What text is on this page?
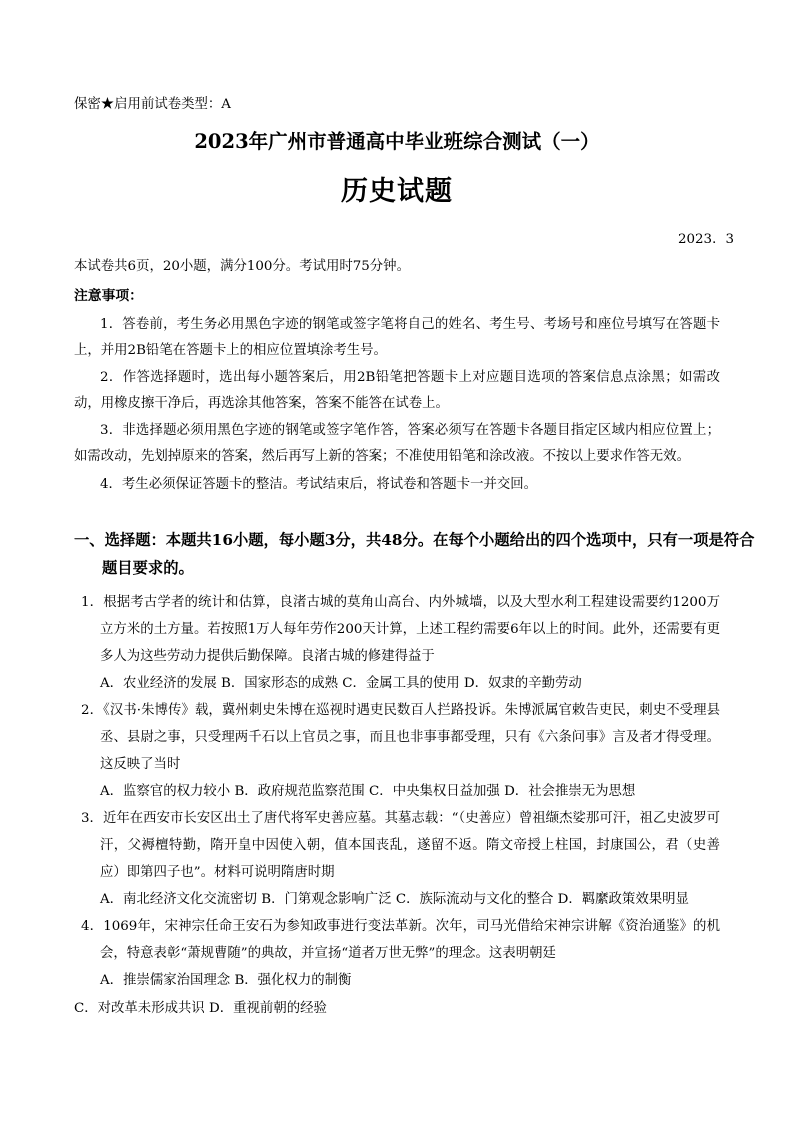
保密★启用前试卷类型：A
2023年广州市普通高中毕业班综合测试（一）
历史试题
2023．3
本试卷共6页，20小题，满分100分。考试用时75分钟。
注意事项：
1．答卷前，考生务必用黑色字迹的钢笔或签字笔将自己的姓名、考生号、考场号和座位号填写在答题卡上，并用2B铅笔在答题卡上的相应位置填涂考生号。
2．作答选择题时，选出每小题答案后，用2B铅笔把答题卡上对应题目选项的答案信息点涂黑；如需改动，用橡皮擦干净后，再选涂其他答案，答案不能答在试卷上。
3．非选择题必须用黑色字迹的钢笔或签字笔作答，答案必须写在答题卡各题目指定区域内相应位置上；如需改动，先划掉原来的答案，然后再写上新的答案；不准使用铅笔和涂改液。不按以上要求作答无效。
4．考生必须保证答题卡的整洁。考试结束后，将试卷和答题卡一并交回。
一、选择题：本题共16小题，每小题3分，共48分。在每个小题给出的四个选项中，只有一项是符合题目要求的。
1．根据考古学者的统计和估算，良渚古城的莫角山高台、内外城墙，以及大型水利工程建设需要约1200万立方米的土方量。若按照1万人每年劳作200天计算，上述工程约需要6年以上的时间。此外，还需要有更多人为这些劳动力提供后勤保障。良渚古城的修建得益于
A．农业经济的发展 B．国家形态的成熟 C．金属工具的使用 D．奴隶的辛勤劳动
2．《汉书·朱博传》载，冀州刺史朱博在巡视时遇吏民数百人拦路投诉。朱博派属官敕告吏民，刺史不受理县丞、县尉之事，只受理两千石以上官员之事，而且也非事事都受理，只有《六条问事》言及者才得受理。这反映了当时
A．监察官的权力较小 B．政府规范监察范围 C．中央集权日益加强 D．社会推崇无为思想
3．近年在西安市长安区出土了唐代将军史善应墓。其墓志载：“（史善应）曾祖缬杰娑那可汗，祖乙史波罗可汗，父褥檀特勤，隋开皇中因使入朝，值本国丧乱，遂留不返。隋文帝授上柱国，封康国公，君（史善应）即第四子也”。材料可说明隋唐时期
A．南北经济文化交流密切 B．门第观念影响广泛 C．族际流动与文化的整合 D．羁縻政策效果明显
4．1069年，宋神宗任命王安石为参知政事进行变法革新。次年，司马光借给宋神宗讲解《资治通鉴》的机会，特意表彰“萧规曹随”的典故，并宣扬“道者万世无弊”的理念。这表明朝廷
A．推崇儒家治国理念 B．强化权力的制衡
C．对改革未形成共识 D．重视前朝的经验
